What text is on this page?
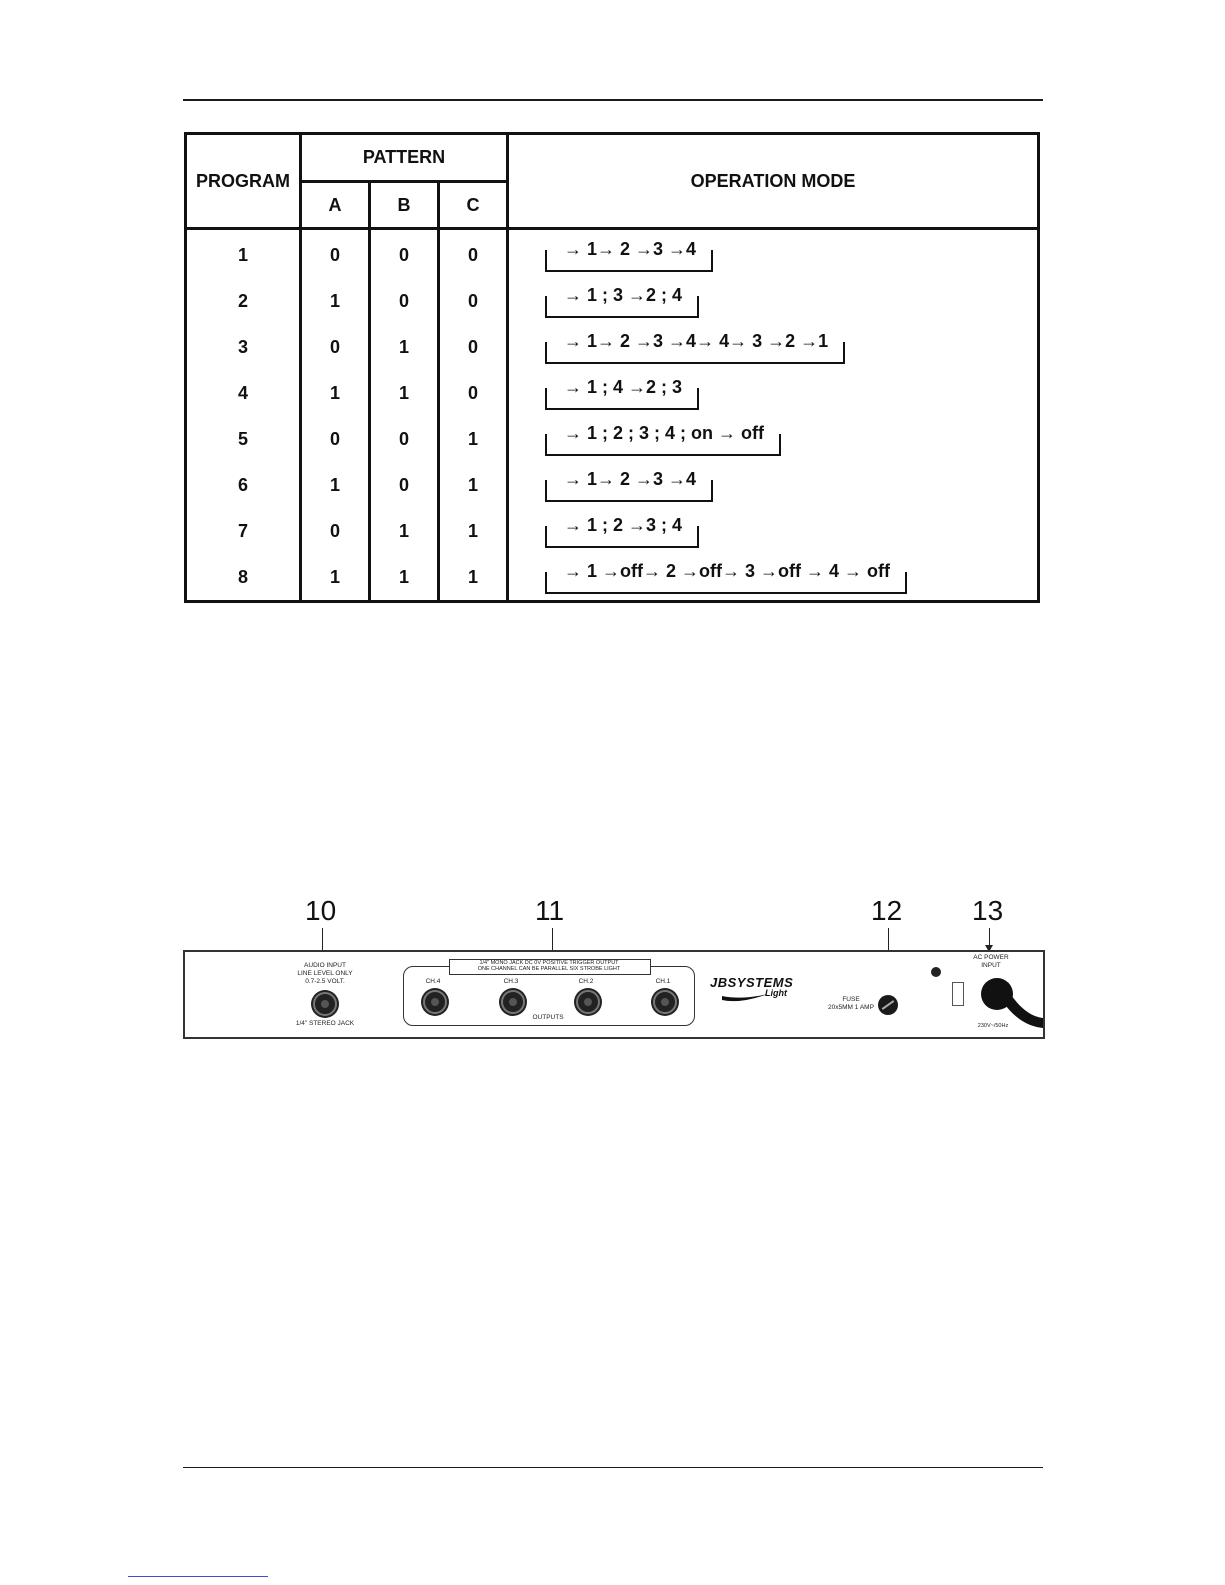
PROGRAM	PATTERN			OPERATION MODE
	A	B	C	
1	0	0	0	→ 1→ 2 →3 →4
2	1	0	0	→ 1 ; 3 →2 ; 4
3	0	1	0	→ 1→ 2 →3 →4→ 4→ 3 →2 →1
4	1	1	0	→ 1 ; 4 →2 ; 3
5	0	0	1	→ 1 ; 2 ; 3 ; 4 ; on → off
6	1	0	1	→ 1→ 2 →3 →4
7	0	1	1	→ 1 ; 2 →3 ; 4
8	1	1	1	→ 1 →off→ 2 →off→ 3 →off → 4 → off
10	11	12 13
AUDIO INPUT
LINE LEVEL ONLY
0.7-2.5 VOLT.
1/4" STEREO JACK
1/4" MONO JACK DC 0V POSITIVE TRIGGER OUTPUT
ONE CHANNEL CAN BE PARALLEL SIX STROBE LIGHT
CH.4	CH.3	CH.2	CH.1
OUTPUTS
JBSYSTEMS
Light
FUSE
20x5MM 1 AMP
AC POWER
INPUT
230V~/50Hz
